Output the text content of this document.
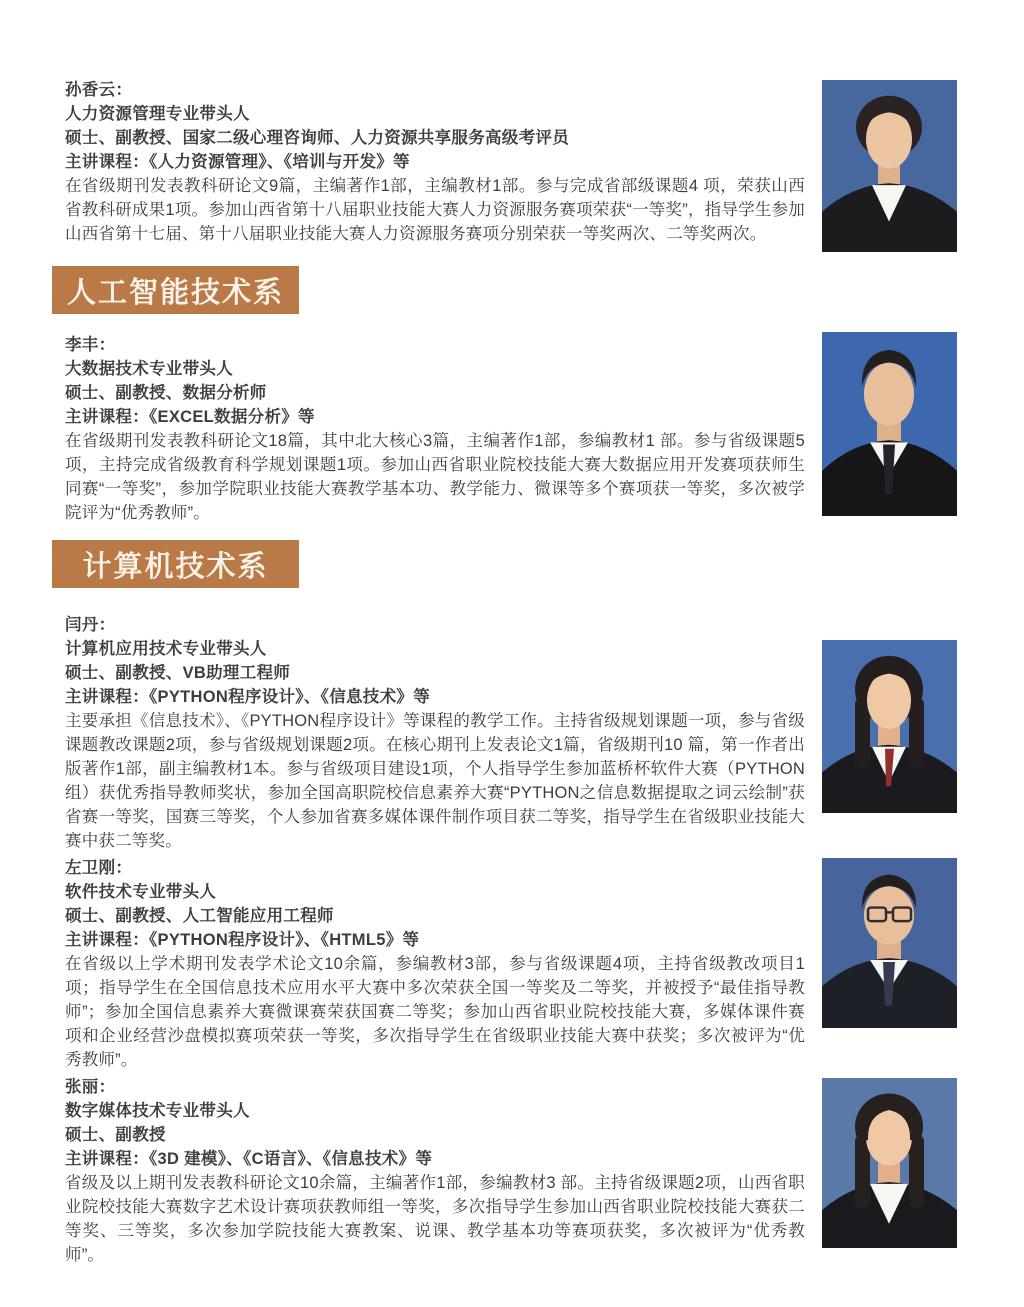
孙香云：
人力资源管理专业带头人
硕士、副教授、国家二级心理咨询师、人力资源共享服务高级考评员
主讲课程：《人力资源管理》、《培训与开发》等
在省级期刊发表教科研论文9篇，主编著作1部，主编教材1部。参与完成省部级课题4 项，荣获山西省教科研成果1项。参加山西省第十八届职业技能大赛人力资源服务赛项荣获“一等奖”，指导学生参加山西省第十七届、第十八届职业技能大赛人力资源服务赛项分别荣获一等奖两次、二等奖两次。
人工智能技术系
李丰：
大数据技术专业带头人
硕士、副教授、数据分析师
主讲课程：《EXCEL数据分析》等
在省级期刊发表教科研论文18篇，其中北大核心3篇，主编著作1部，参编教材1 部。参与省级课题5项，主持完成省级教育科学规划课题1项。参加山西省职业院校技能大赛大数据应用开发赛项获师生同赛“一等奖”，参加学院职业技能大赛教学基本功、教学能力、微课等多个赛项获一等奖，多次被学院评为“优秀教师”。
计算机技术系
闫丹：
计算机应用技术专业带头人
硕士、副教授、VB助理工程师
主讲课程：《PYTHON程序设计》、《信息技术》等
主要承担《信息技术》、《PYTHON程序设计》等课程的教学工作。主持省级规划课题一项，参与省级课题教改课题2项，参与省级规划课题2项。在核心期刊上发表论文1篇，省级期刊10 篇，第一作者出版著作1部，副主编教材1本。参与省级项目建设1项，个人指导学生参加蓝桥杯软件大赛（PYTHON组）获优秀指导教师奖状，参加全国高职院校信息素养大赛“PYTHON之信息数据提取之词云绘制”获省赛一等奖，国赛三等奖，个人参加省赛多媒体课件制作项目获二等奖，指导学生在省级职业技能大赛中获二等奖。
左卫刚：
软件技术专业带头人
硕士、副教授、人工智能应用工程师
主讲课程：《PYTHON程序设计》、《HTML5》等
在省级以上学术期刊发表学术论文10余篇，参编教材3部，参与省级课题4项，主持省级教改项目1 项；指导学生在全国信息技术应用水平大赛中多次荣获全国一等奖及二等奖，并被授予“最佳指导教师”；参加全国信息素养大赛微课赛荣获国赛二等奖；参加山西省职业院校技能大赛，多媒体课件赛项和企业经营沙盘模拟赛项荣获一等奖，多次指导学生在省级职业技能大赛中获奖；多次被评为“优秀教师”。
张丽：
数字媒体技术专业带头人
硕士、副教授
主讲课程：《3D 建模》、《C语言》、《信息技术》等
省级及以上期刊发表教科研论文10余篇，主编著作1部，参编教材3 部。主持省级课题2项，山西省职业院校技能大赛数字艺术设计赛项获教师组一等奖，多次指导学生参加山西省职业院校技能大赛获二等奖、三等奖，多次参加学院技能大赛教案、说课、教学基本功等赛项获奖，多次被评为“优秀教师”。
